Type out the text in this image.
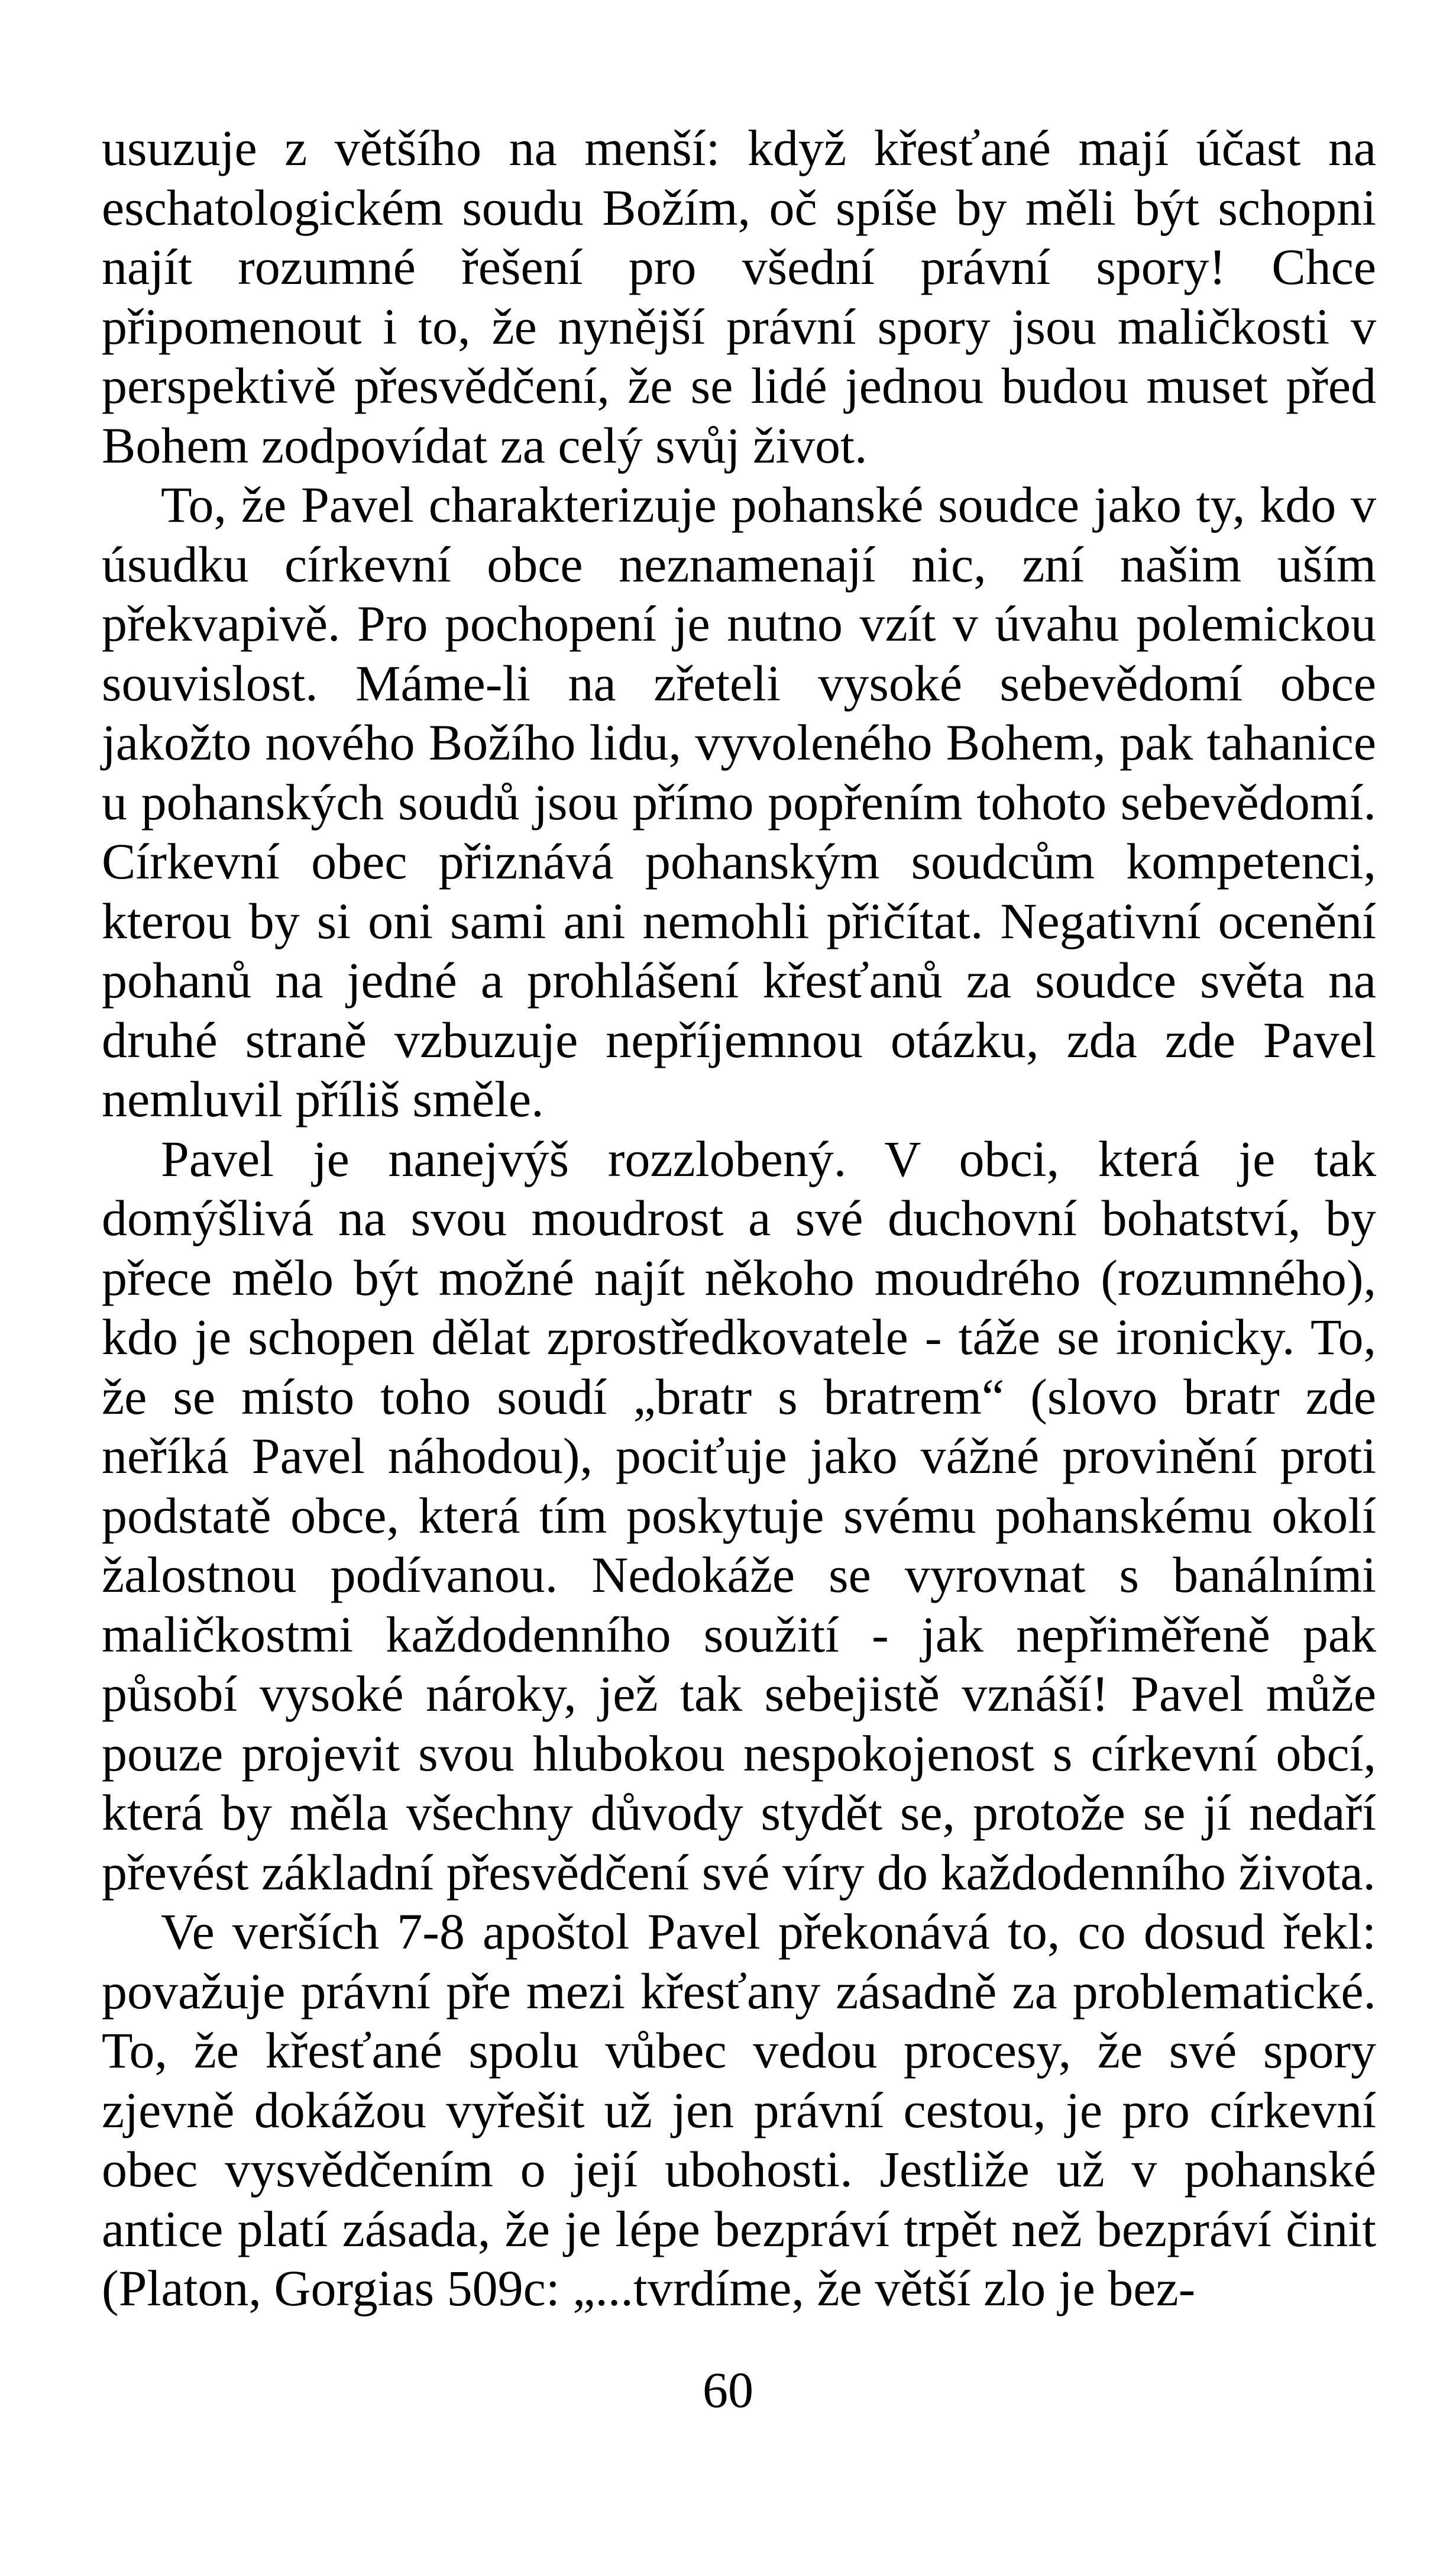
usuzuje z většího na menší: když křesťané mají účast na eschatologickém soudu Božím, oč spíše by měli být schopni najít rozumné řešení pro všední právní spory! Chce připomenout i to, že nynější právní spory jsou maličkosti v perspektivě přesvědčení, že se lidé jednou budou muset před Bohem zodpovídat za celý svůj život.

To, že Pavel charakterizuje pohanské soudce jako ty, kdo v úsudku církevní obce neznamenají nic, zní našim uším překvapivě. Pro pochopení je nutno vzít v úvahu polemickou souvislost. Máme-li na zřeteli vysoké sebevědomí obce jakožto nového Božího lidu, vyvoleného Bohem, pak tahanice u pohanských soudů jsou přímo popřením tohoto sebevědomí. Církevní obec přiznává pohanským soudcům kompetenci, kterou by si oni sami ani nemohli přičítat. Negativní ocenění pohanů na jedné a prohlášení křesťanů za soudce světa na druhé straně vzbuzuje nepříjemnou otázku, zda zde Pavel nemluvil příliš směle.

Pavel je nanejvýš rozzlobený. V obci, která je tak domýšlivá na svou moudrost a své duchovní bohatství, by přece mělo být možné najít někoho moudrého (rozumného), kdo je schopen dělat zprostředkovatele - táže se ironicky. To, že se místo toho soudí „bratr s bratrem“ (slovo bratr zde neříká Pavel náhodou), pociťuje jako vážné provinění proti podstatě obce, která tím poskytuje svému pohanskému okolí žalostnou podívanou. Nedokáže se vyrovnat s banálními maličkostmi každodenního soužití - jak nepřiměřeně pak působí vysoké nároky, jež tak sebejistě vznáší! Pavel může pouze projevit svou hlubokou nespokojenost s církevní obcí, která by měla všechny důvody stydět se, protože se jí nedaří převést základní přesvědčení své víry do každodenního života.

Ve verších 7-8 apoštol Pavel překonává to, co dosud řekl: považuje právní pře mezi křesťany zásadně za problematické. To, že křesťané spolu vůbec vedou procesy, že své spory zjevně dokážou vyřešit už jen právní cestou, je pro církevní obec vysvědčením o její ubohosti. Jestliže už v pohanské antice platí zásada, že je lépe bezpráví trpět než bezpráví činit (Platon, Gorgias 509c: „...tvrdíme, že větší zlo je bez-

60
